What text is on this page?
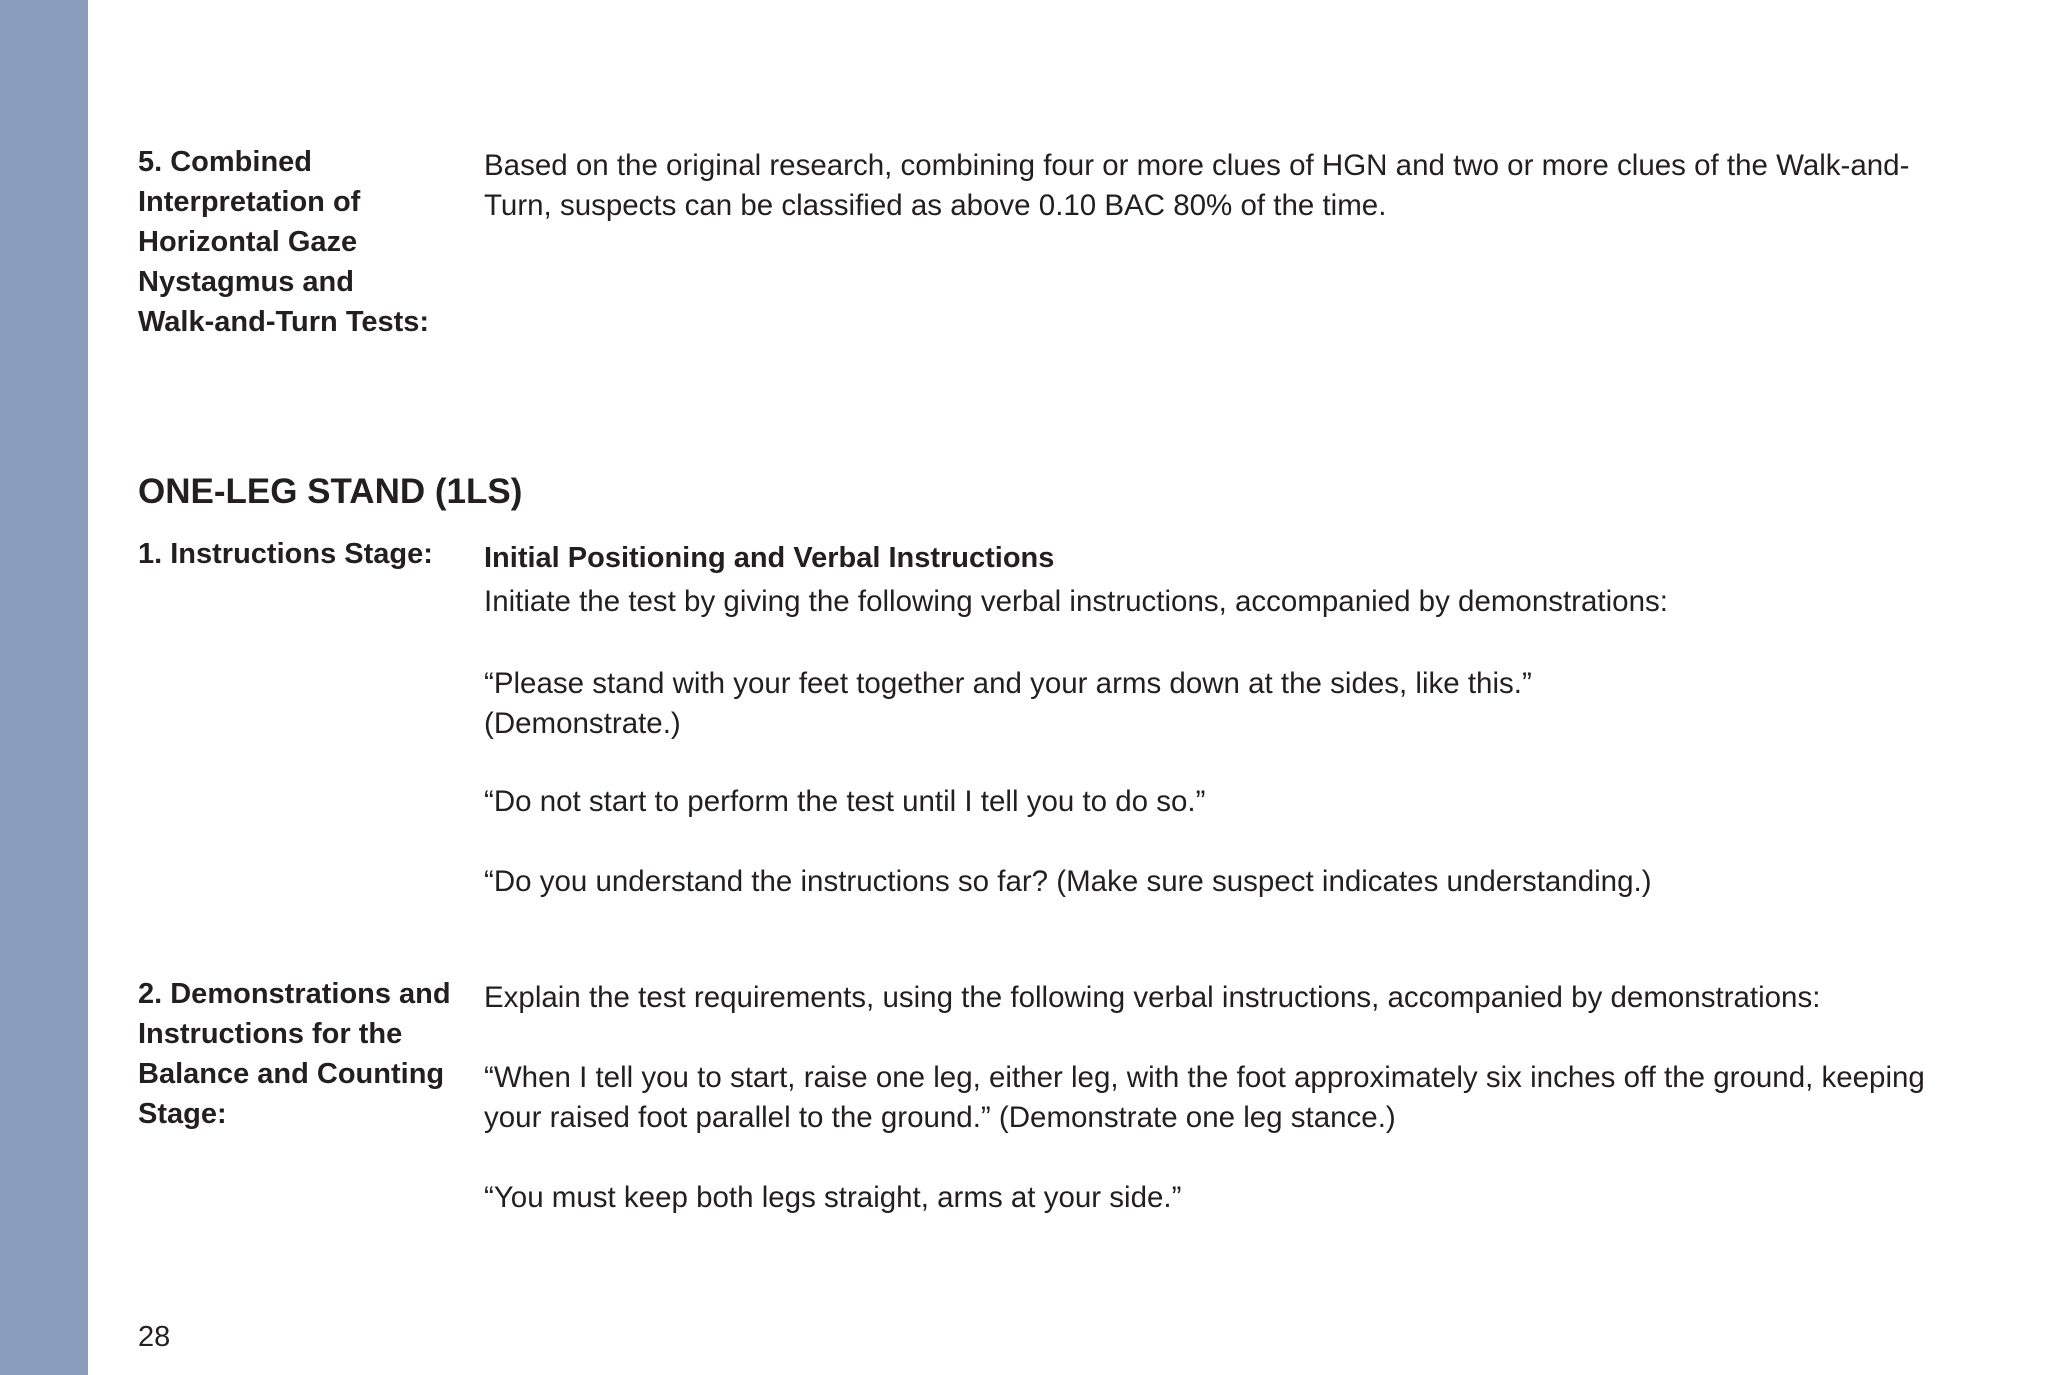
5. Combined Interpretation of Horizontal Gaze Nystagmus and Walk-and-Turn Tests:

Based on the original research, combining four or more clues of HGN and two or more clues of the Walk-and-Turn, suspects can be classified as above 0.10 BAC 80% of the time.

ONE-LEG STAND (1LS)
1. Instructions Stage: Initial Positioning and Verbal Instructions

Initiate the test by giving the following verbal instructions, accompanied by demonstrations:

“Please stand with your feet together and your arms down at the sides, like this.” (Demonstrate.)

“Do not start to perform the test until I tell you to do so.”

“Do you understand the instructions so far? (Make sure suspect indicates understanding.)

2. Demonstrations and Instructions for the Balance and Counting Stage:

Explain the test requirements, using the following verbal instructions, accompanied by demonstrations:

“When I tell you to start, raise one leg, either leg, with the foot approximately six inches off the ground, keeping your raised foot parallel to the ground.” (Demonstrate one leg stance.)

“You must keep both legs straight, arms at your side.”

28
